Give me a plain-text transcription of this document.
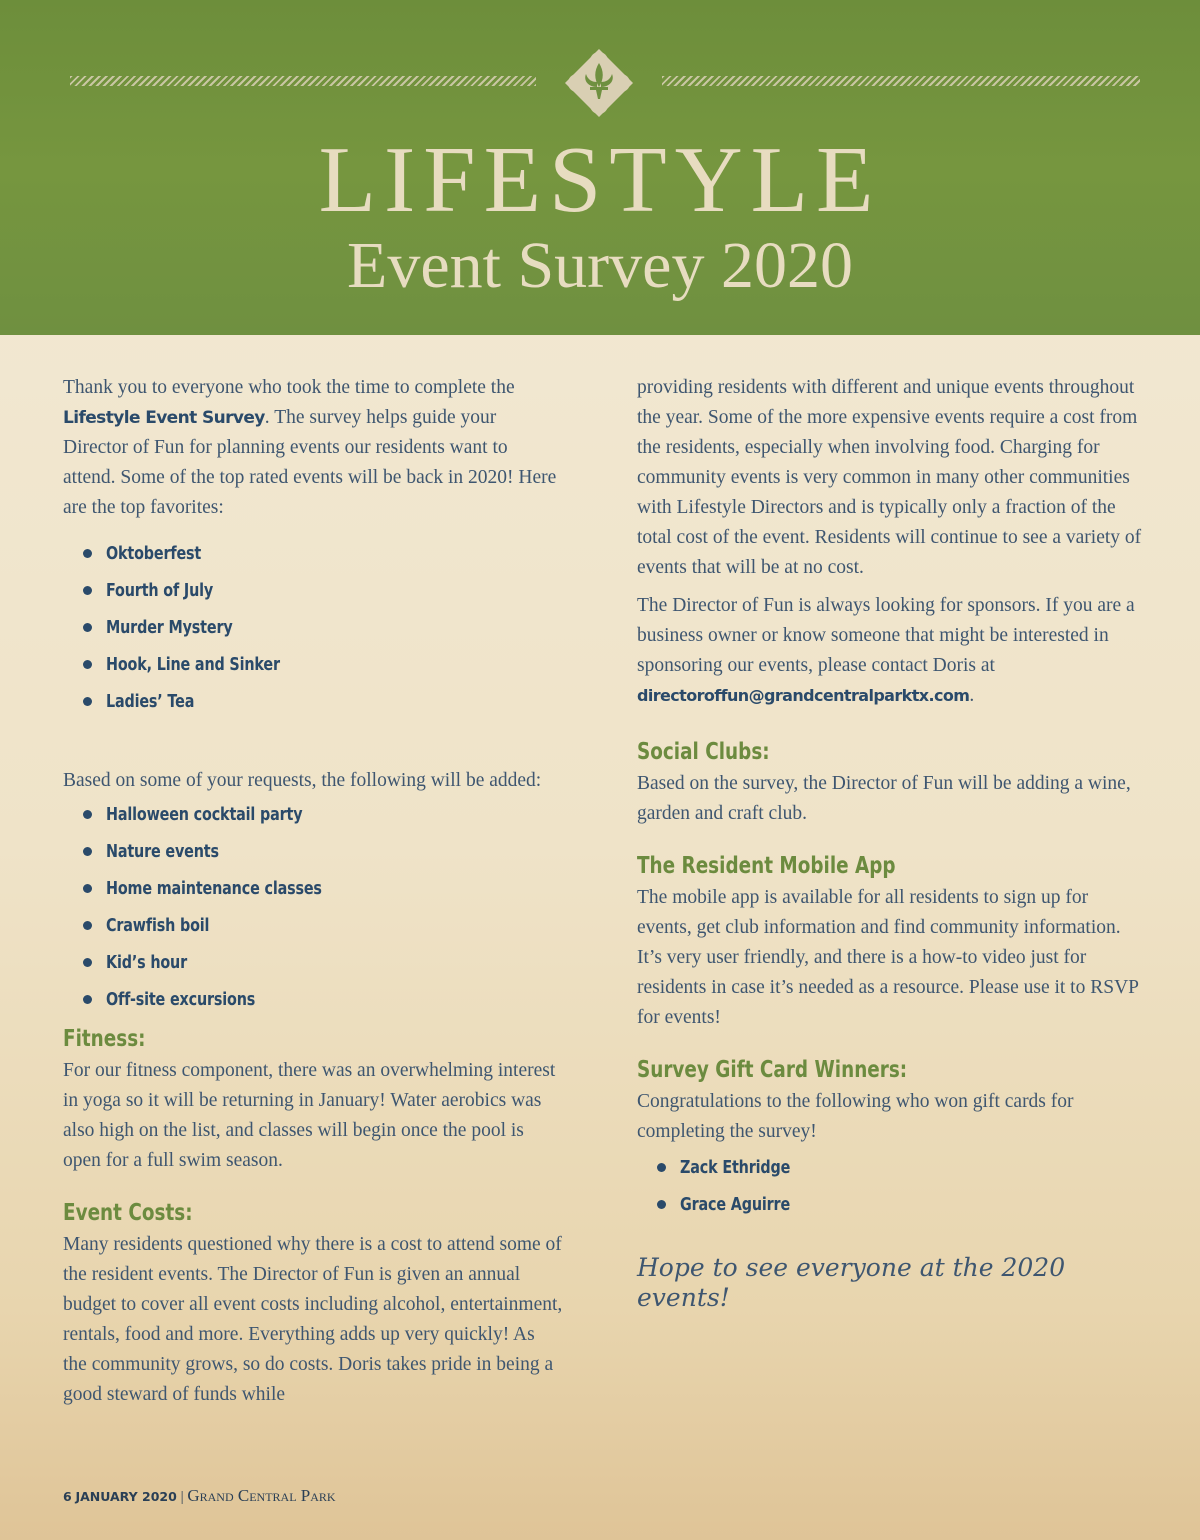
LIFESTYLE
Event Survey 2020

Thank you to everyone who took the time to complete the Lifestyle Event Survey. The survey helps guide your Director of Fun for planning events our residents want to attend. Some of the top rated events will be back in 2020! Here are the top favorites:

Oktoberfest
Fourth of July
Murder Mystery
Hook, Line and Sinker
Ladies’ Tea

Based on some of your requests, the following will be added:

Halloween cocktail party
Nature events
Home maintenance classes
Crawfish boil
Kid’s hour
Off-site excursions
Fitness:

For our fitness component, there was an overwhelming interest in yoga so it will be returning in January! Water aerobics was also high on the list, and classes will begin once the pool is open for a full swim season.

Event Costs:

Many residents questioned why there is a cost to attend some of the resident events. The Director of Fun is given an annual budget to cover all event costs including alcohol, entertainment, rentals, food and more. Everything adds up very quickly! As the community grows, so do costs. Doris takes pride in being a good steward of funds while

providing residents with different and unique events throughout the year. Some of the more expensive events require a cost from the residents, especially when involving food. Charging for community events is very common in many other communities with Lifestyle Directors and is typically only a fraction of the total cost of the event. Residents will continue to see a variety of events that will be at no cost.

The Director of Fun is always looking for sponsors. If you are a business owner or know someone that might be interested in sponsoring our events, please contact Doris at directoroffun@grandcentralparktx.com.

Social Clubs:

Based on the survey, the Director of Fun will be adding a wine, garden and craft club.

The Resident Mobile App

The mobile app is available for all residents to sign up for events, get club information and find community information. It’s very user friendly, and there is a how-to video just for residents in case it’s needed as a resource. Please use it to RSVP for events!

Survey Gift Card Winners:

Congratulations to the following who won gift cards for completing the survey!

Zack Ethridge
Grace Aguirre

Hope to see everyone at the 2020 events!

6 JANUARY 2020 | Grand Central Park
